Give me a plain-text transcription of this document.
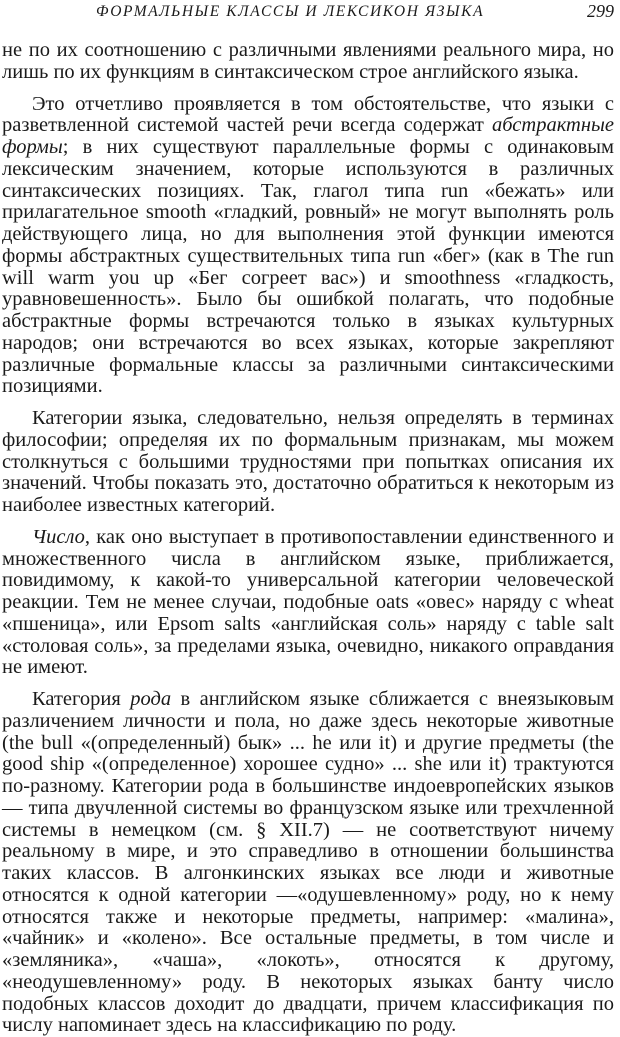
ФОРМАЛЬНЫЕ КЛАССЫ И ЛЕКСИКОН ЯЗЫКА	299

не по их соотношению с различными явлениями реального мира, но лишь по их функциям в синтаксическом строе английского языка.

Это отчетливо проявляется в том обстоятельстве, что языки с разветвленной системой частей речи всегда содержат абстрактные формы; в них существуют параллельные формы с одинаковым лексическим значением, которые используются в различных синтаксических позициях. Так, глагол типа run «бежать» или прилагательное smooth «гладкий, ровный» не могут выполнять роль действующего лица, но для выполнения этой функции имеются формы абстрактных существительных типа run «бег» (как в The run will warm you up «Бег согреет вас») и smoothness «гладкость, уравновешенность». Было бы ошибкой полагать, что подобные абстрактные формы встречаются только в языках культурных народов; они встречаются во всех языках, которые закрепляют различные формальные классы за различными синтаксическими позициями.

Категории языка, следовательно, нельзя определять в терминах философии; определяя их по формальным признакам, мы можем столкнуться с большими трудностями при попытках описания их значений. Чтобы показать это, достаточно обратиться к некоторым из наиболее известных категорий.

Число, как оно выступает в противопоставлении единственного и множественного числа в английском языке, приближается, повидимому, к какой-то универсальной категории человеческой реакции. Тем не менее случаи, подобные oats «овес» наряду с wheat «пшеница», или Epsom salts «английская соль» наряду с table salt «столовая соль», за пределами языка, очевидно, никакого оправдания не имеют.

Категория рода в английском языке сближается с внеязыковым различением личности и пола, но даже здесь некоторые животные (the bull «(определенный) бык» ... he или it) и другие предметы (the good ship «(определенное) хорошее судно» ... she или it) трактуются по-разному. Категории рода в большинстве индоевропейских языков— типа двучленной системы во французском языке или трехчленной системы в немецком (см. § XII.7) — не соответствуют ничему реальному в мире, и это справедливо в отношении большинства таких классов. В алгонкинских языках все люди и животные относятся к одной категории —«одушевленному» роду, но к нему относятся также и некоторые предметы, например: «малина», «чайник» и «колено». Все остальные предметы, в том числе и «земляника», «чаша», «локоть», относятся к другому, «неодушевленному» роду. В некоторых языках банту число подобных классов доходит до двадцати, причем классификация по числу напоминает здесь на классификацию по роду.
